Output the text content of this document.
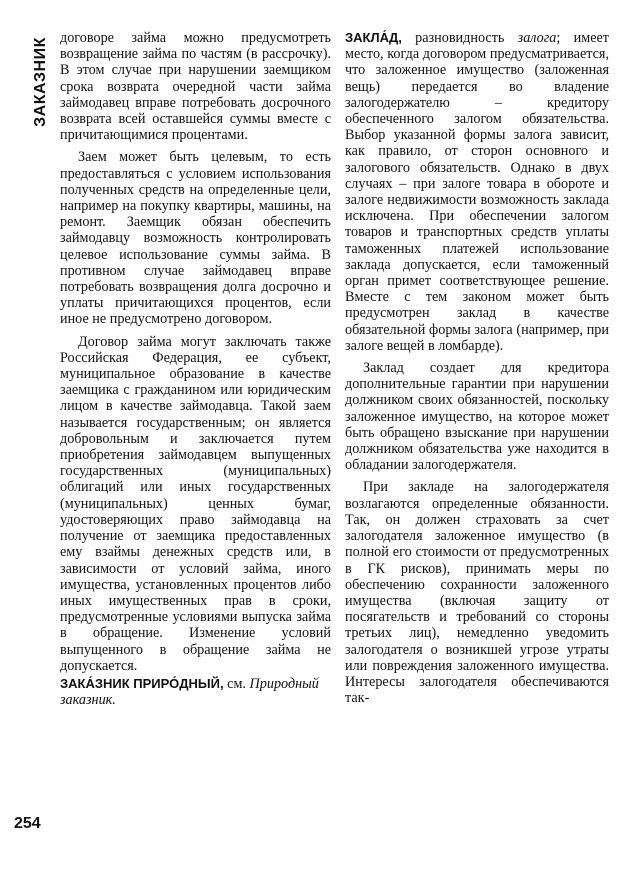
ЗАКАЗНИК договоре займа можно предусмотреть возвращение займа по частям (в рассрочку). В этом случае при нарушении заемщиком срока возврата очередной части займа займодавец вправе потребовать досрочного возврата всей оставшейся суммы вместе с причитающимися процентами.

Заем может быть целевым, то есть предоставляться с условием использования полученных средств на определенные цели, например на покупку квартиры, машины, на ремонт. Заемщик обязан обеспечить займодавцу возможность контролировать целевое использование суммы займа. В противном случае займодавец вправе потребовать возвращения долга досрочно и уплаты причитающихся процентов, если иное не предусмотрено договором.

Договор займа могут заключать также Российская Федерация, ее субъект, муниципальное образование в качестве заемщика с гражданином или юридическим лицом в качестве займодавца. Такой заем называется государственным; он является добровольным и заключается путем приобретения займодавцем выпущенных государственных (муниципальных) облигаций или иных государственных (муниципальных) ценных бумаг, удостоверяющих право займодавца на получение от заемщика предоставленных ему взаймы денежных средств или, в зависимости от условий займа, иного имущества, установленных процентов либо иных имущественных прав в сроки, предусмотренные условиями выпуска займа в обращение. Изменение условий выпущенного в обращение займа не допускается.

ЗАКА́ЗНИК ПРИРО́ДНЫЙ, см. Природный заказник.

ЗАКЛА́Д, разновидность залога; имеет место, когда договором предусматривается, что заложенное имущество (заложенная вещь) передается во владение залогодержателю – кредитору обеспеченного залогом обязательства. Выбор указанной формы залога зависит, как правило, от сторон основного и залогового обязательств. Однако в двух случаях – при залоге товара в обороте и залоге недвижимости возможность заклада исключена. При обеспечении залогом товаров и транспортных средств уплаты таможенных платежей использование заклада допускается, если таможенный орган примет соответствующее решение. Вместе с тем законом может быть предусмотрен заклад в качестве обязательной формы залога (например, при залоге вещей в ломбарде).

Заклад создает для кредитора дополнительные гарантии при нарушении должником своих обязанностей, поскольку заложенное имущество, на которое может быть обращено взыскание при нарушении должником обязательства уже находится в обладании залогодержателя.

При закладе на залогодержателя возлагаются определенные обязанности. Так, он должен страховать за счет залогодателя заложенное имущество (в полной его стоимости от предусмотренных в ГК рисков), принимать меры по обеспечению сохранности заложенного имущества (включая защиту от посягательств и требований со стороны третьих лиц), немедленно уведомить залогодателя о возникшей угрозе утраты или повреждения заложенного имущества. Интересы залогодателя обеспечиваются так-

254
